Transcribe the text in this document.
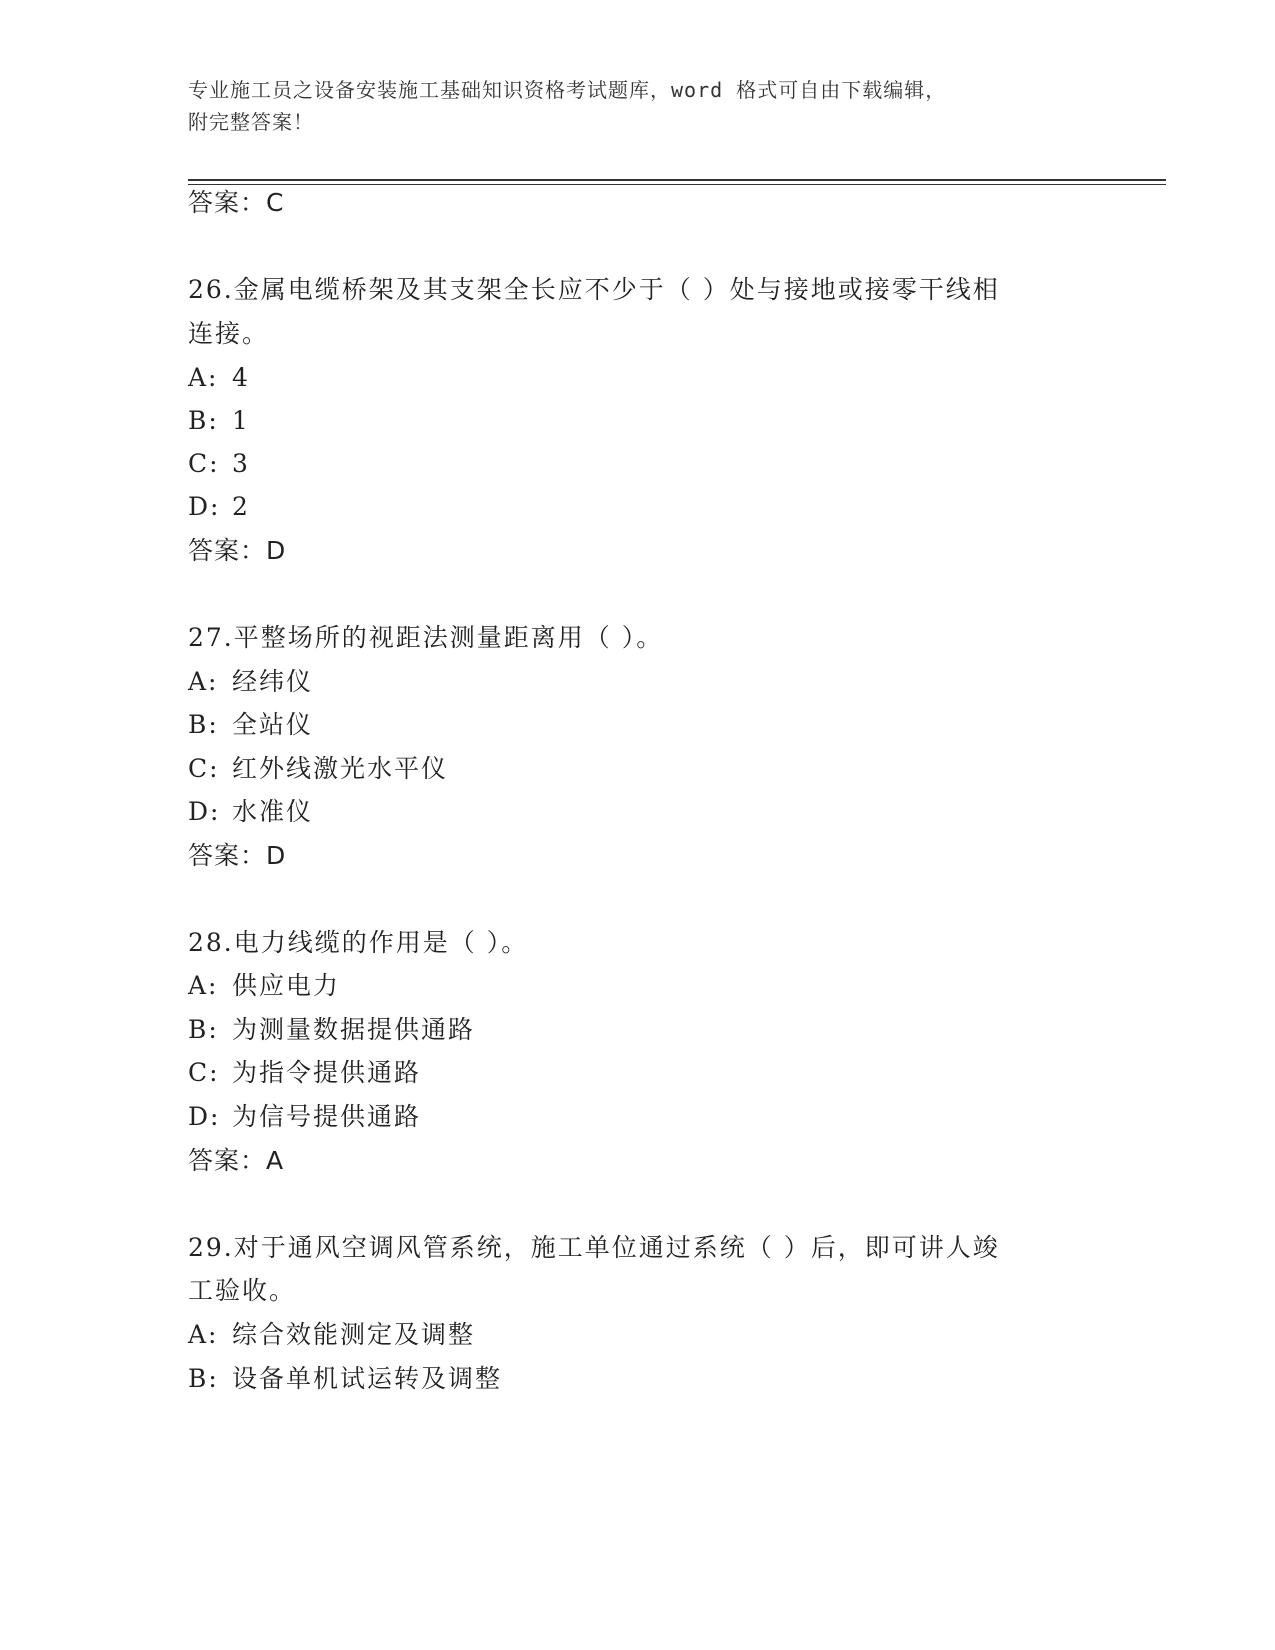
专业施工员之设备安装施工基础知识资格考试题库，word 格式可自由下载编辑，
附完整答案！
答案：C
26.金属电缆桥架及其支架全长应不少于（ ）处与接地或接零干线相
连接。
A: 4
B: 1
C: 3
D: 2
答案：D
27.平整场所的视距法测量距离用（ ）。
A: 经纬仪
B: 全站仪
C: 红外线激光水平仪
D: 水准仪
答案：D
28.电力线缆的作用是（ ）。
A: 供应电力
B: 为测量数据提供通路
C: 为指令提供通路
D: 为信号提供通路
答案：A
29.对于通风空调风管系统，施工单位通过系统（ ）后，即可讲人竣
工验收。
A: 综合效能测定及调整
B: 设备单机试运转及调整
